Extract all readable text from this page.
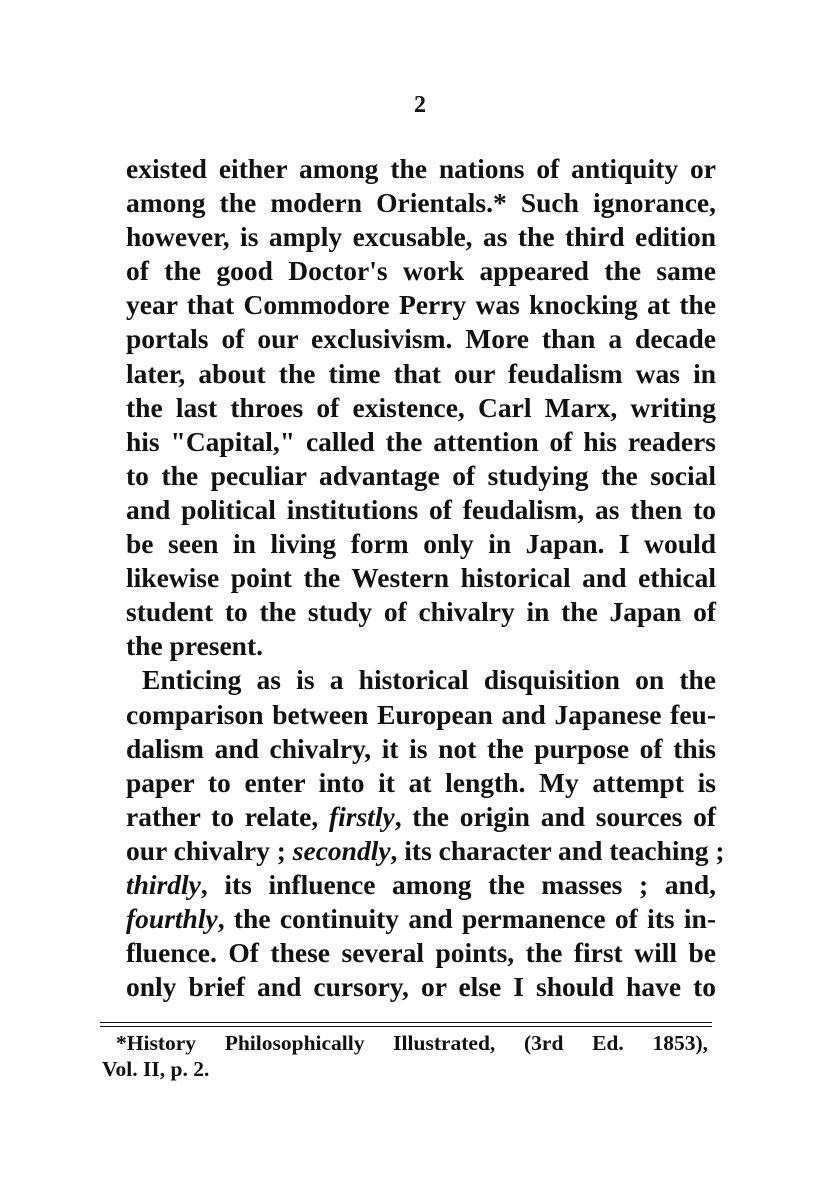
2
existed either among the nations of antiquity or
among the modern Orientals.* Such ignorance,
however, is amply excusable, as the third edition
of the good Doctor's work appeared the same
year that Commodore Perry was knocking at the
portals of our exclusivism. More than a decade
later, about the time that our feudalism was in
the last throes of existence, Carl Marx, writing
his "Capital," called the attention of his readers
to the peculiar advantage of studying the social
and political institutions of feudalism, as then to
be seen in living form only in Japan. I would
likewise point the Western historical and ethical
student to the study of chivalry in the Japan of
the present.
Enticing as is a historical disquisition on the
comparison between European and Japanese feu-
dalism and chivalry, it is not the purpose of this
paper to enter into it at length. My attempt is
rather to relate, firstly, the origin and sources of
our chivalry ; secondly, its character and teaching ;
thirdly, its influence among the masses ; and,
fourthly, the continuity and permanence of its in-
fluence. Of these several points, the first will be
only brief and cursory, or else I should have to
*History Philosophically Illustrated, (3rd Ed. 1853),
Vol. II, p. 2.
